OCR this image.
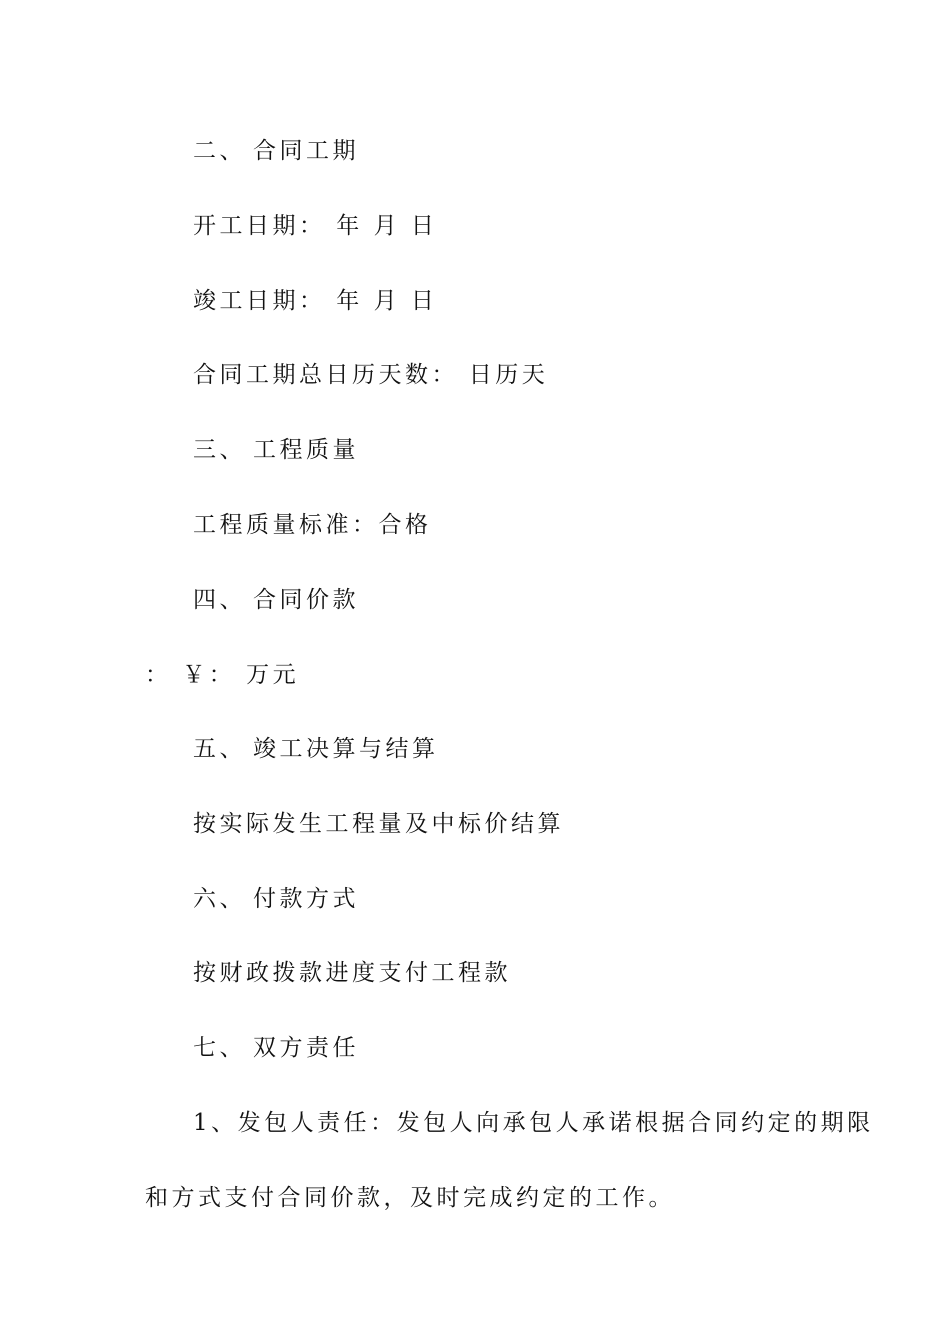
二、 合同工期
开工日期： 年 月 日
竣工日期： 年 月 日
合同工期总日历天数： 日历天
三、 工程质量
工程质量标准：合格
四、 合同价款
： ￥： 万元
五、 竣工决算与结算
按实际发生工程量及中标价结算
六、 付款方式
按财政拨款进度支付工程款
七、 双方责任
1、发包人责任：发包人向承包人承诺根据合同约定的期限
和方式支付合同价款，及时完成约定的工作。
